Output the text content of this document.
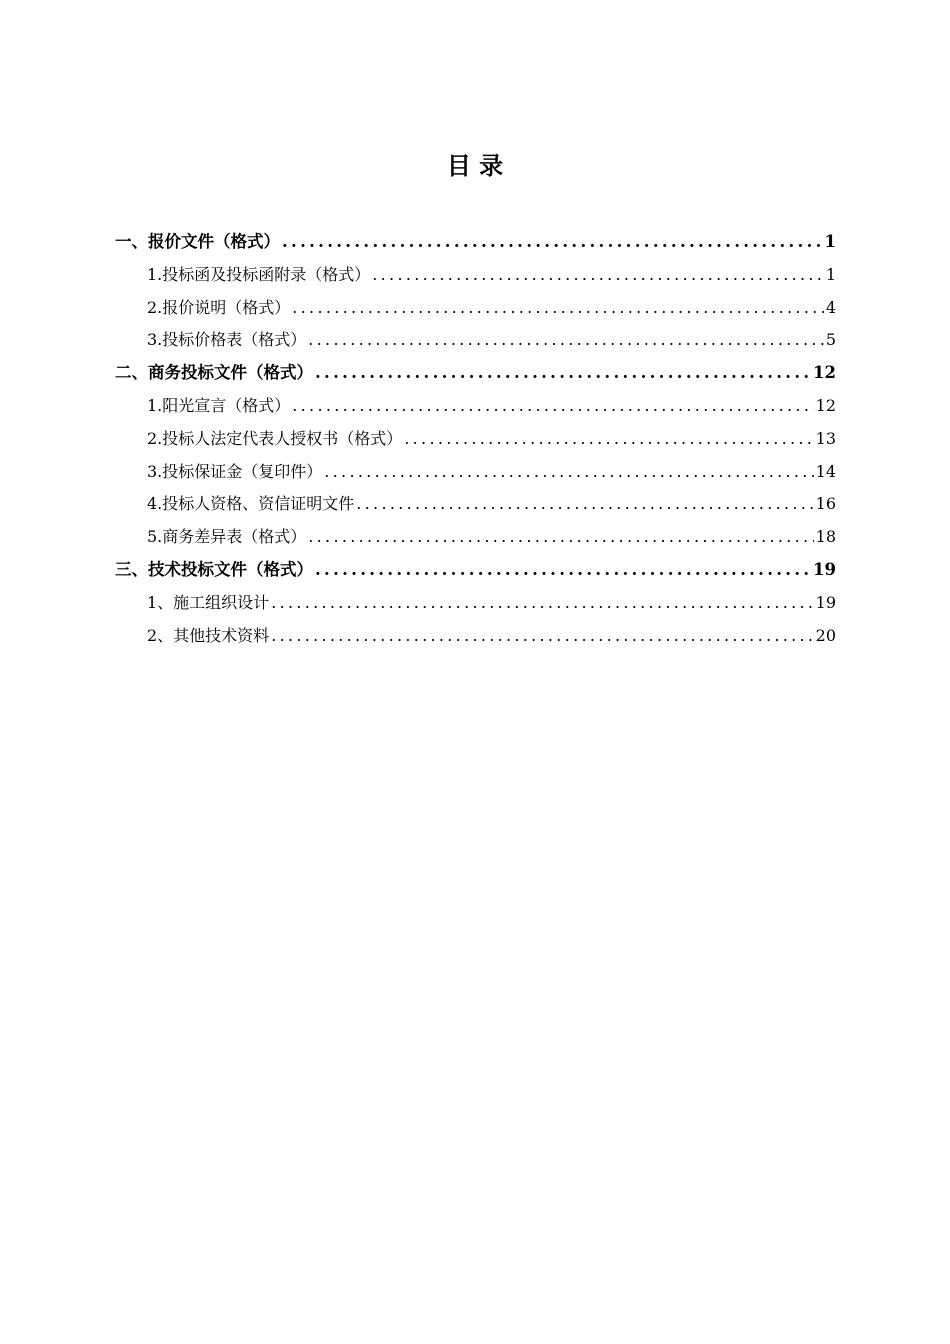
目 录
一、报价文件（格式） .....	1
1.投标函及投标函附录（格式） .....	1
2.报价说明（格式） .....	4
3.投标价格表（格式） .....	5
二、商务投标文件（格式） .....	12
1.阳光宣言（格式） .....	12
2.投标人法定代表人授权书（格式） .....	13
3.投标保证金（复印件） .....	14
4.投标人资格、资信证明文件 .....	16
5.商务差异表（格式） .....	18
三、技术投标文件（格式） .....	19
1、施工组织设计 .....	19
2、其他技术资料 .....	20
